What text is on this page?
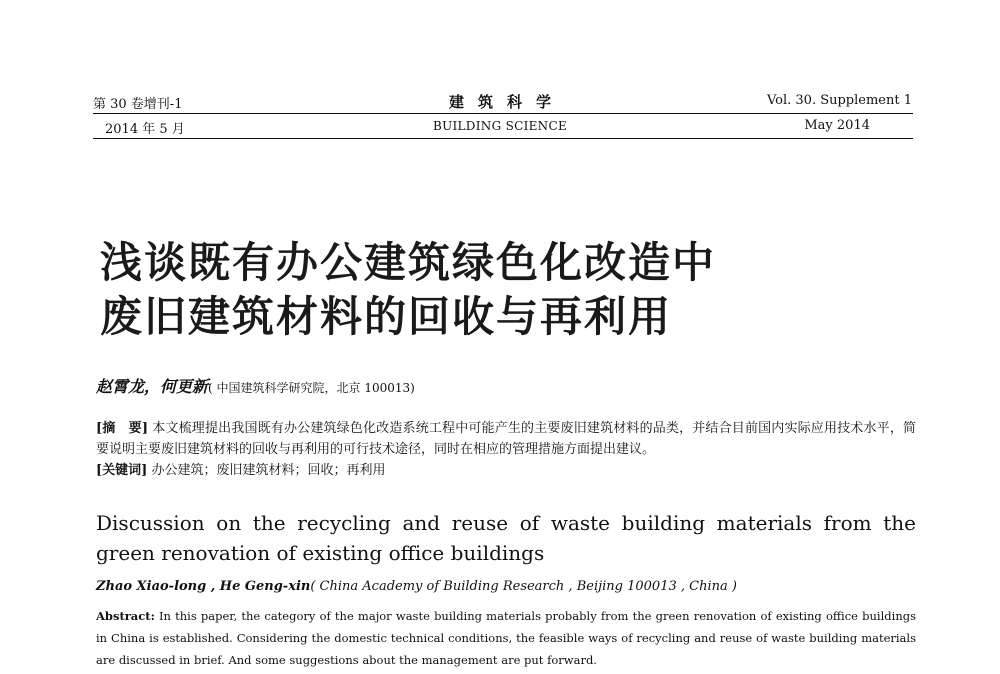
第 30 卷增刊-1
2014 年 5 月
建筑科学
BUILDING SCIENCE
Vol. 30. Supplement 1
May 2014
浅谈既有办公建筑绿色化改造中
废旧建筑材料的回收与再利用
赵霄龙，何更新( 中国建筑科学研究院，北京 100013)
[摘　要] 本文梳理提出我国既有办公建筑绿色化改造系统工程中可能产生的主要废旧建筑材料的品类，并结合目前国内实际应用技术水平，简要说明主要废旧建筑材料的回收与再利用的可行技术途径，同时在相应的管理措施方面提出建议。
[关键词] 办公建筑；废旧建筑材料；回收；再利用
Discussion on the recycling and reuse of waste building materials from the green renovation of existing office buildings
Zhao Xiao-long , He Geng-xin( China Academy of Building Research , Beijing 100013 , China )
Abstract: In this paper, the category of the major waste building materials probably from the green renovation of existing office buildings in China is established. Considering the domestic technical conditions, the feasible ways of recycling and reuse of waste building materials are discussed in brief. And some suggestions about the management are put forward.
